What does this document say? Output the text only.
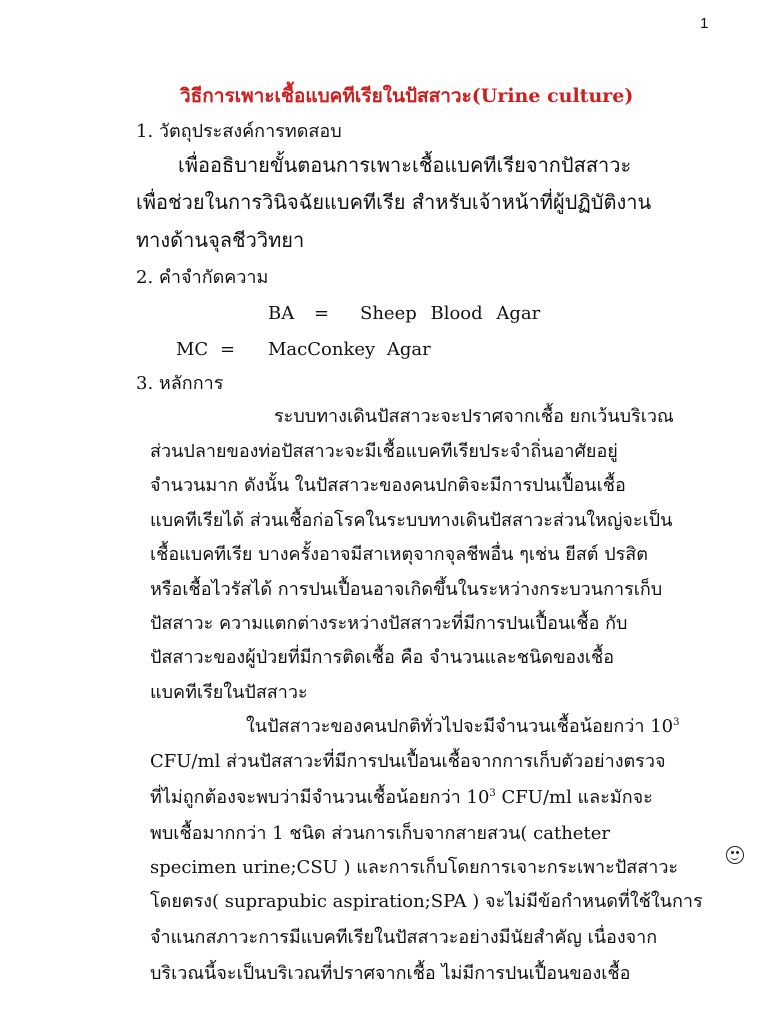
1
วิธีการเพาะเชื้อแบคทีเรียในปัสสาวะ(Urine culture)
1. วัตถุประสงค์การทดสอบ
เพื่ออธิบายขั้นตอนการเพาะเชื้อแบคทีเรียจากปัสสาวะ
เพื่อช่วยในการวินิจฉัยแบคทีเรีย สำหรับเจ้าหน้าที่ผู้ปฏิบัติงาน
ทางด้านจุลชีววิทยา
2. คำจำกัดความ
BA = Sheep Blood Agar
MC = MacConkey Agar
3. หลักการ
ระบบทางเดินปัสสาวะจะปราศจากเชื้อ ยกเว้นบริเวณ
ส่วนปลายของท่อปัสสาวะจะมีเชื้อแบคทีเรียประจำถิ่นอาศัยอยู่
จำนวนมาก ดังนั้น ในปัสสาวะของคนปกติจะมีการปนเปื้อนเชื้อ
แบคทีเรียได้ ส่วนเชื้อก่อโรคในระบบทางเดินปัสสาวะส่วนใหญ่จะเป็น
เชื้อแบคทีเรีย บางครั้งอาจมีสาเหตุจากจุลชีพอื่น ๆเช่น ยีสต์ ปรสิต
หรือเชื้อไวรัสได้ การปนเปื้อนอาจเกิดขึ้นในระหว่างกระบวนการเก็บ
ปัสสาวะ ความแตกต่างระหว่างปัสสาวะที่มีการปนเปื้อนเชื้อ กับ
ปัสสาวะของผู้ป่วยที่มีการติดเชื้อ คือ จำนวนและชนิดของเชื้อ
แบคทีเรียในปัสสาวะ
ในปัสสาวะของคนปกติทั่วไปจะมีจำนวนเชื้อน้อยกว่า $10^3$
CFU/ml ส่วนปัสสาวะที่มีการปนเปื้อนเชื้อจากการเก็บตัวอย่างตรวจ
ที่ไม่ถูกต้องจะพบว่ามีจำนวนเชื้อน้อยกว่า $10^3$ CFU/ml และมักจะ
พบเชื้อมากกว่า 1 ชนิด ส่วนการเก็บจากสายสวน( catheter
specimen urine;CSU ) และการเก็บโดยการเจาะกระเพาะปัสสาวะ
โดยตรง( suprapubic aspiration;SPA ) จะไม่มีข้อกำหนดที่ใช้ในการ
จำแนกสภาวะการมีแบคทีเรียในปัสสาวะอย่างมีนัยสำคัญ เนื่องจาก
บริเวณนี้จะเป็นบริเวณที่ปราศจากเชื้อ ไม่มีการปนเปื้อนของเชื้อ
